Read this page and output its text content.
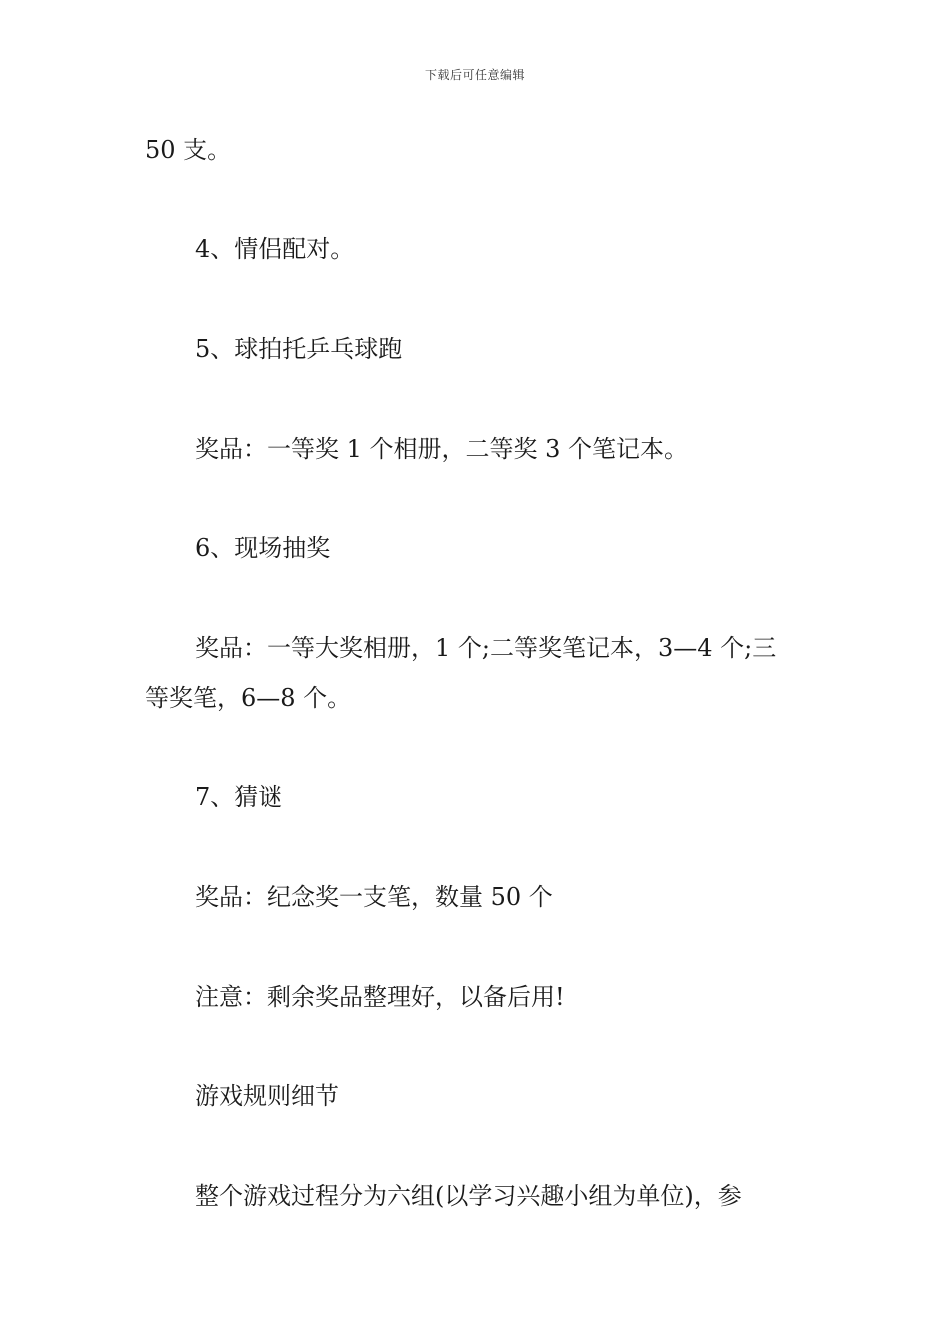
下载后可任意编辑
50 支。
4、情侣配对。
5、球拍托乒乓球跑
奖品：一等奖 1 个相册，二等奖 3 个笔记本。
6、现场抽奖
奖品：一等大奖相册，1 个;二等奖笔记本，3—4 个;三
等奖笔，6—8 个。
7、猜谜
奖品：纪念奖一支笔，数量 50 个
注意：剩余奖品整理好，以备后用!
游戏规则细节
整个游戏过程分为六组(以学习兴趣小组为单位)，参
